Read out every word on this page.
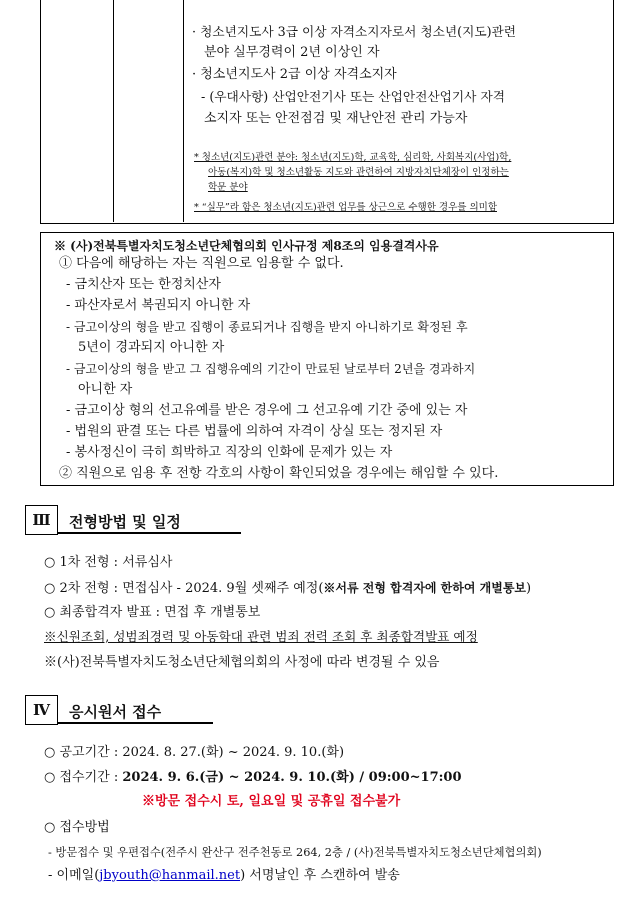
· 청소년지도사 3급 이상 자격소지자로서 청소년(지도)관련
분야 실무경력이 2년 이상인 자
· 청소년지도사 2급 이상 자격소지자
- (우대사항) 산업안전기사 또는 산업안전산업기사 자격
소지자 또는 안전점검 및 재난안전 관리 가능자
* 청소년(지도)관련 분야: 청소년(지도)학, 교육학, 심리학, 사회복지(사업)학,
아동(복지)학 및 청소년활동 지도와 관련하여 지방자치단체장이 인정하는
학문 분야
* “실무”라 함은 청소년(지도)관련 업무를 상근으로 수행한 경우를 의미함
※ (사)전북특별자치도청소년단체협의회 인사규정 제8조의 임용결격사유
① 다음에 해당하는 자는 직원으로 임용할 수 없다.
- 금치산자 또는 한정치산자
- 파산자로서 복권되지 아니한 자
- 금고이상의 형을 받고 집행이 종료되거나 집행을 받지 아니하기로 확정된 후
5년이 경과되지 아니한 자
- 금고이상의 형을 받고 그 집행유예의 기간이 만료된 날로부터 2년을 경과하지
아니한 자
- 금고이상 형의 선고유예를 받은 경우에 그 선고유예 기간 중에 있는 자
- 법원의 판결 또는 다른 법률에 의하여 자격이 상실 또는 정지된 자
- 봉사정신이 극히 희박하고 직장의 인화에 문제가 있는 자
② 직원으로 임용 후 전항 각호의 사항이 확인되었을 경우에는 해임할 수 있다.
Ⅲ	전형방법 및 일정
○ 1차 전형 : 서류심사
○ 2차 전형 : 면접심사 - 2024. 9월 셋째주 예정(※서류 전형 합격자에 한하여 개별통보)
○ 최종합격자 발표 : 면접 후 개별통보
※신원조회, 성범죄경력 및 아동학대 관련 범죄 전력 조회 후 최종합격발표 예정
※(사)전북특별자치도청소년단체협의회의 사정에 따라 변경될 수 있음
Ⅳ	응시원서 접수
○ 공고기간 : 2024. 8. 27.(화) ~ 2024. 9. 10.(화)
○ 접수기간 : 2024. 9. 6.(금) ~ 2024. 9. 10.(화) / 09:00~17:00
※방문 접수시 토, 일요일 및 공휴일 접수불가
○ 접수방법
- 방문접수 및 우편접수(전주시 완산구 전주천동로 264, 2층 / (사)전북특별자치도청소년단체협의회)
- 이메일(jbyouth@hanmail.net) 서명날인 후 스캔하여 발송
